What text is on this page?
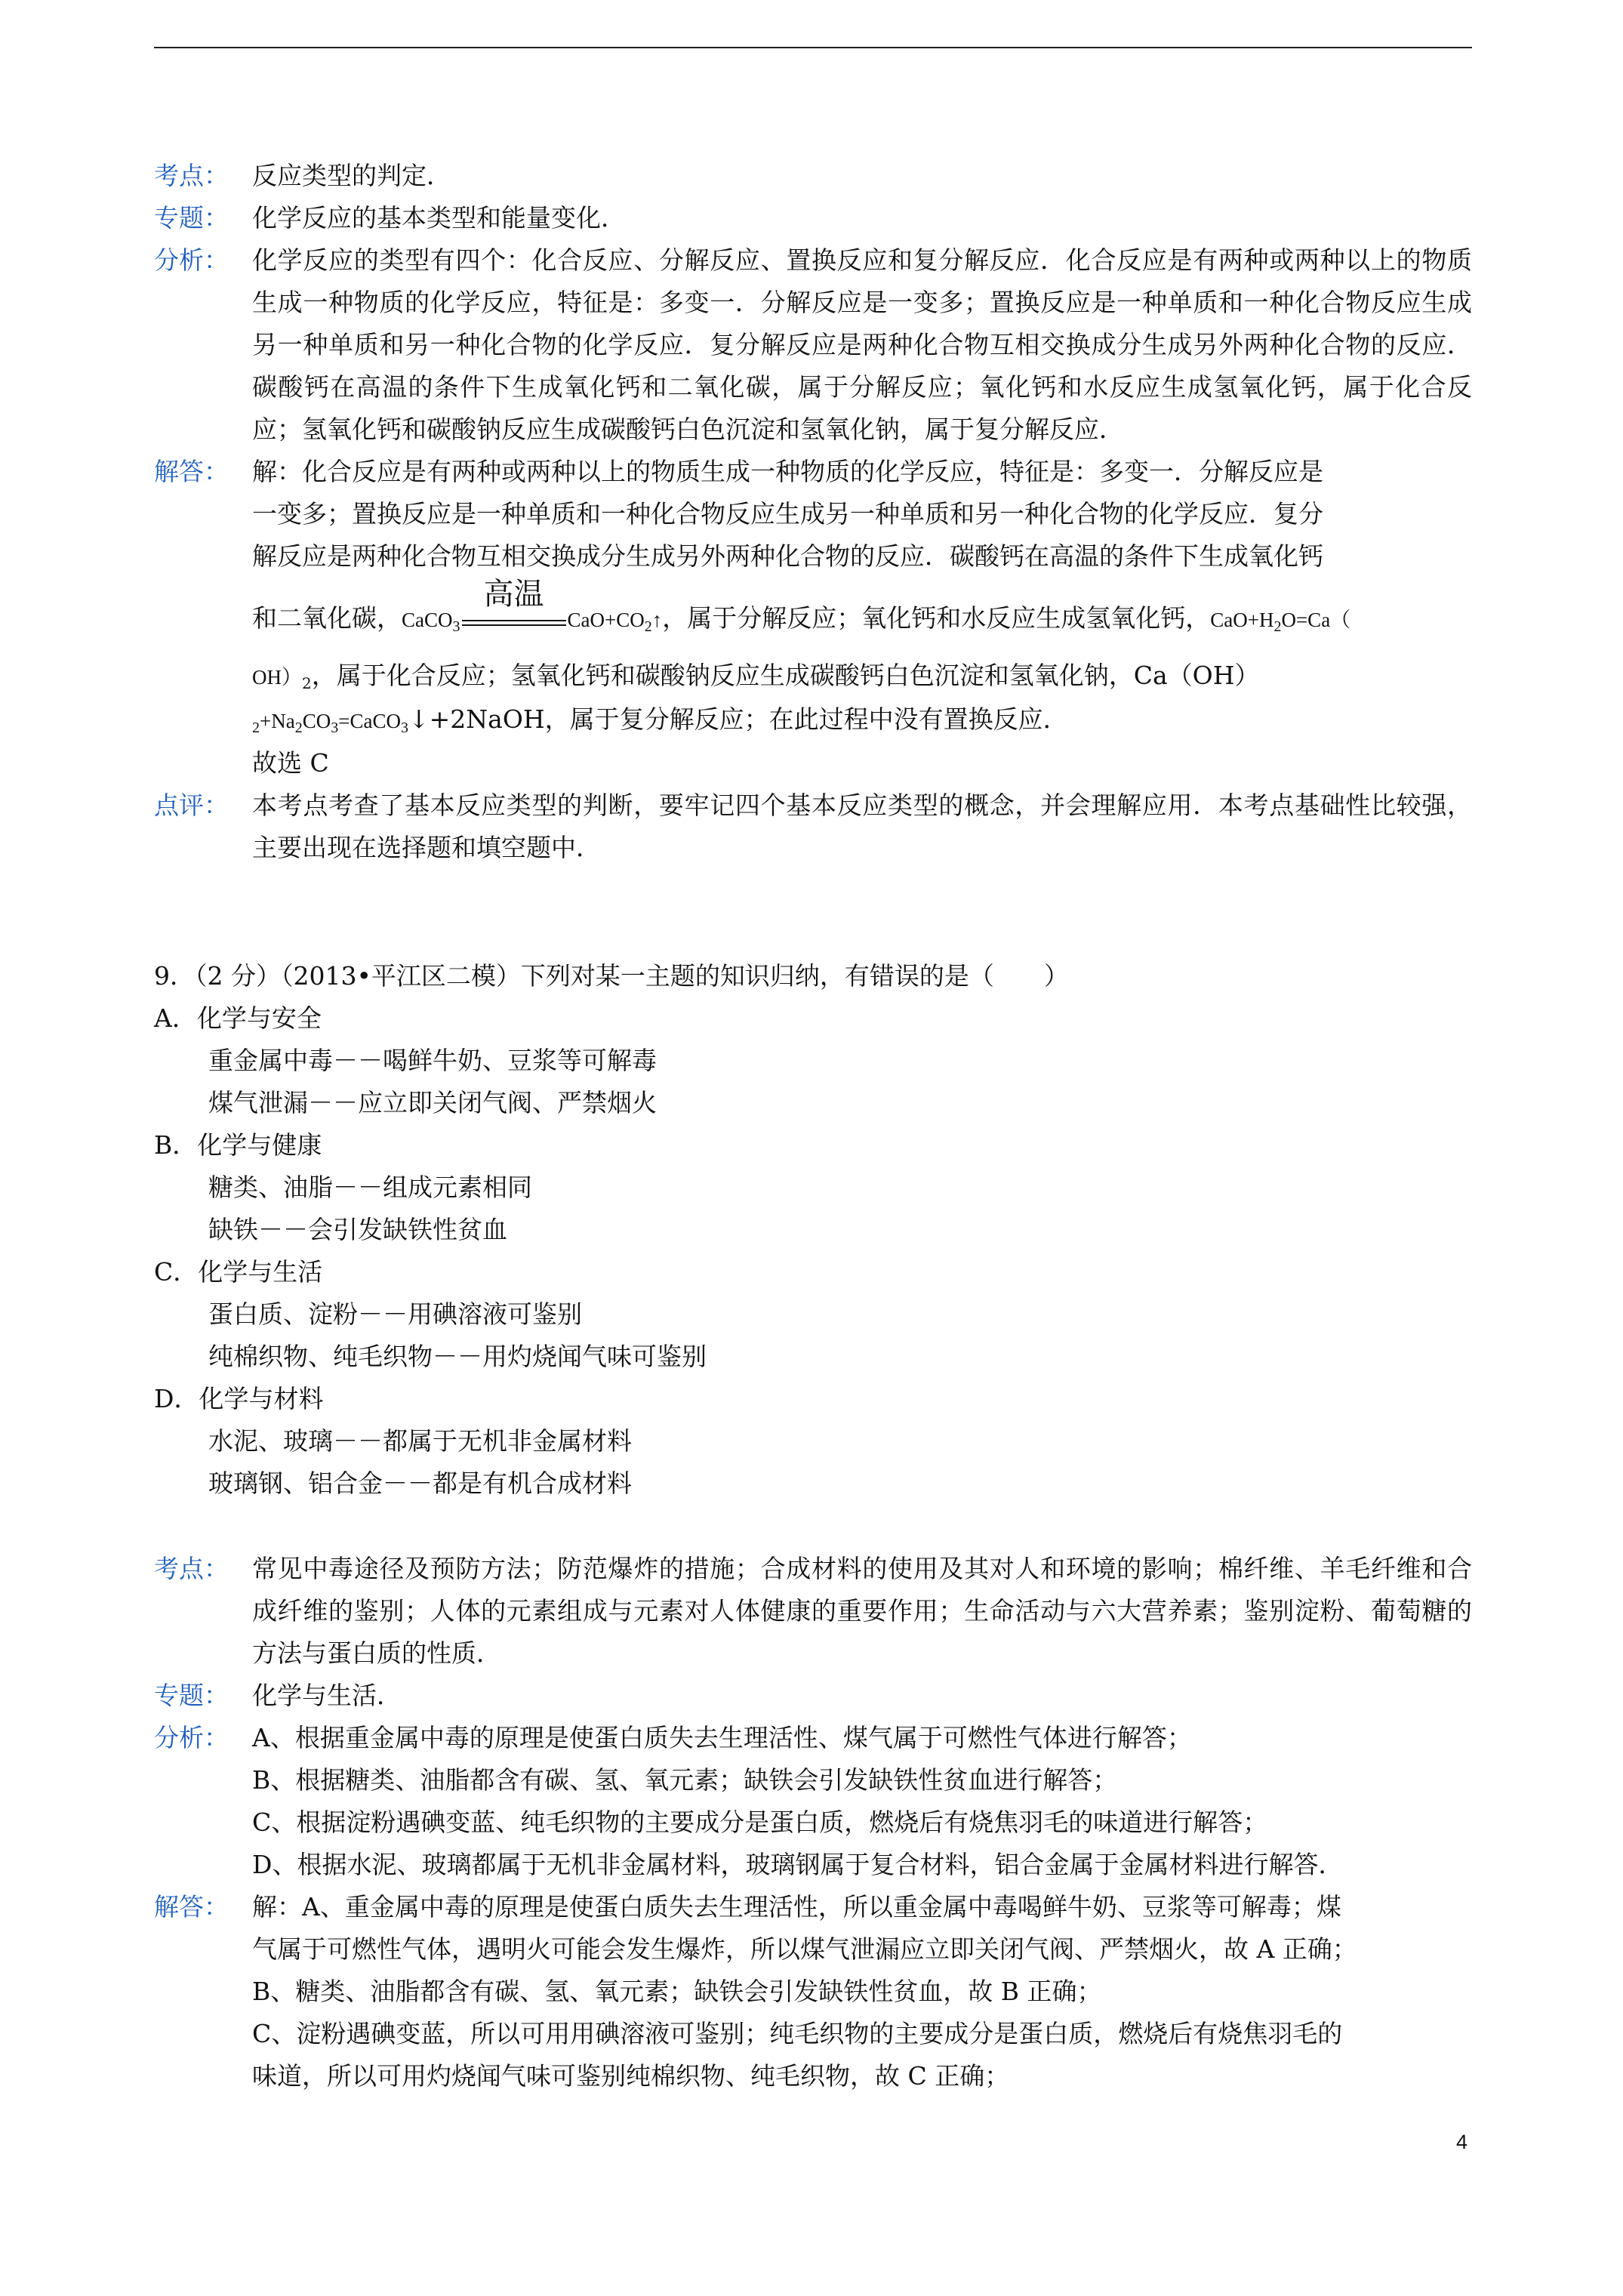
考点： 反应类型的判定．
专题： 化学反应的基本类型和能量变化．
分析： 化学反应的类型有四个：化合反应、分解反应、置换反应和复分解反应．化合反应是有两种或两种以上的物质生成一种物质的化学反应，特征是：多变一．分解反应是一变多；置换反应是一种单质和一种化合物反应生成另一种单质和另一种化合物的化学反应．复分解反应是两种化合物互相交换成分生成另外两种化合物的反应．碳酸钙在高温的条件下生成氧化钙和二氧化碳，属于分解反应；氧化钙和水反应生成氢氧化钙，属于化合反应；氢氧化钙和碳酸钠反应生成碳酸钙白色沉淀和氢氧化钠，属于复分解反应．
解答： 解：化合反应是有两种或两种以上的物质生成一种物质的化学反应，特征是：多变一．分解反应是
一变多；置换反应是一种单质和一种化合物反应生成另一种单质和另一种化合物的化学反应．复分
解反应是两种化合物互相交换成分生成另外两种化合物的反应．碳酸钙在高温的条件下生成氧化钙
和二氧化碳，CaCO$_3$
高温
$CaO+CO_2↑$，属于分解反应；氧化钙和水反应生成氢氧化钙，$CaO+H_2O=Ca$（
$OH)_2$，属于化合反应；氢氧化钙和碳酸钠反应生成碳酸钙白色沉淀和氢氧化钠，Ca（OH）
$_2+Na_2CO_3=CaCO_3↓+2NaOH$，属于复分解反应；在此过程中没有置换反应．
故选 C
点评： 本考点考查了基本反应类型的判断，要牢记四个基本反应类型的概念，并会理解应用．本考点基础性比较强，主要出现在选择题和填空题中．
9．（2 分）（2013•平江区二模）下列对某一主题的知识归纳，有错误的是（　　）
A．化学与安全
重金属中毒－－喝鲜牛奶、豆浆等可解毒
煤气泄漏－－应立即关闭气阀、严禁烟火
B．化学与健康
糖类、油脂－－组成元素相同
缺铁－－会引发缺铁性贫血
C．化学与生活
蛋白质、淀粉－－用碘溶液可鉴别
纯棉织物、纯毛织物－－用灼烧闻气味可鉴别
D．化学与材料
水泥、玻璃－－都属于无机非金属材料
玻璃钢、铝合金－－都是有机合成材料
考点： 常见中毒途径及预防方法；防范爆炸的措施；合成材料的使用及其对人和环境的影响；棉纤维、羊毛纤维和合成纤维的鉴别；人体的元素组成与元素对人体健康的重要作用；生命活动与六大营养素；鉴别淀粉、葡萄糖的方法与蛋白质的性质．
专题： 化学与生活．
分析： A、根据重金属中毒的原理是使蛋白质失去生理活性、煤气属于可燃性气体进行解答；
B、根据糖类、油脂都含有碳、氢、氧元素；缺铁会引发缺铁性贫血进行解答；
C、根据淀粉遇碘变蓝、纯毛织物的主要成分是蛋白质，燃烧后有烧焦羽毛的味道进行解答；
D、根据水泥、玻璃都属于无机非金属材料，玻璃钢属于复合材料，铝合金属于金属材料进行解答．
解答： 解：A、重金属中毒的原理是使蛋白质失去生理活性，所以重金属中毒喝鲜牛奶、豆浆等可解毒；煤
气属于可燃性气体，遇明火可能会发生爆炸，所以煤气泄漏应立即关闭气阀、严禁烟火，故 A 正确；
B、糖类、油脂都含有碳、氢、氧元素；缺铁会引发缺铁性贫血，故 B 正确；
C、淀粉遇碘变蓝，所以可用用碘溶液可鉴别；纯毛织物的主要成分是蛋白质，燃烧后有烧焦羽毛的
味道，所以可用灼烧闻气味可鉴别纯棉织物、纯毛织物，故 C 正确；
4
